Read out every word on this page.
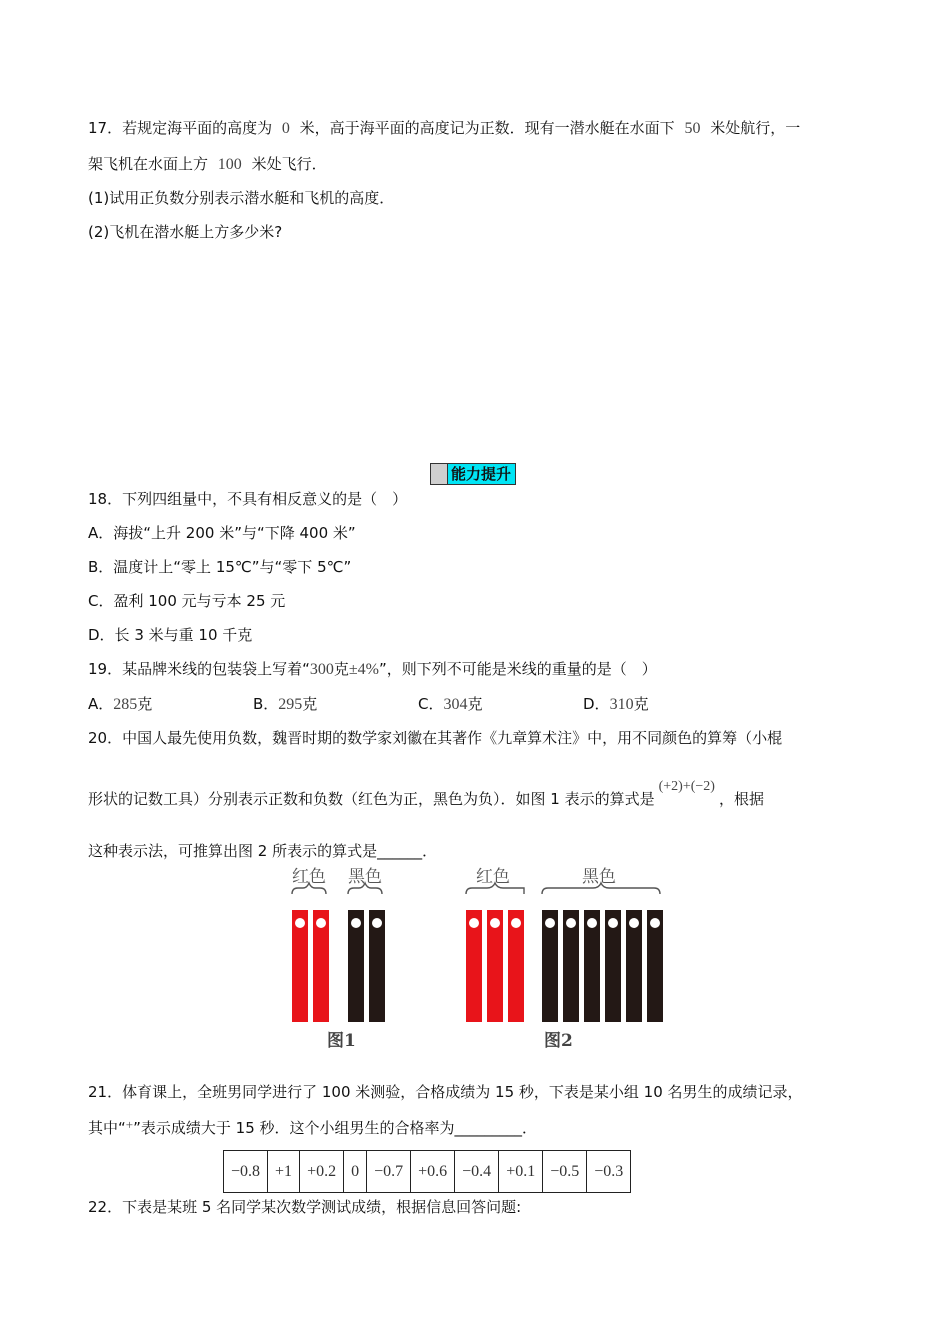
17．若规定海平面的高度为 0 米，高于海平面的高度记为正数．现有一潜水艇在水面下 50 米处航行，一
架飞机在水面上方 100 米处飞行．
(1)试用正负数分别表示潜水艇和飞机的高度．
(2)飞机在潜水艇上方多少米?
能力提升
18．下列四组量中，不具有相反意义的是（　）
A．海拔“上升 200 米”与“下降 400 米”
B．温度计上“零上 15℃”与“零下 5℃”
C．盈利 100 元与亏本 25 元
D．长 3 米与重 10 千克
19．某品牌米线的包装袋上写着“300克±4%”，则下列不可能是米线的重量的是（　）
A．285克	B．295克	C．304克	D．310克
20．中国人最先使用负数，魏晋时期的数学家刘徽在其著作《九章算术注》中，用不同颜色的算筹（小棍
形状的记数工具）分别表示正数和负数（红色为正，黑色为负）．如图 1 表示的算式是(+2)+(−2)，根据
这种表示法，可推算出图 2 所表示的算式是______．
红色 黑色	红色	黑色
图1	图2
21．体育课上，全班男同学进行了 100 米测验，合格成绩为 15 秒，下表是某小组 10 名男生的成绩记录，
其中“+”表示成绩大于 15 秒．这个小组男生的合格率为_________．
−0.8	+1	+0.2	0	−0.7	+0.6	−0.4	+0.1	−0.5	−0.3
22．下表是某班 5 名同学某次数学测试成绩，根据信息回答问题:
